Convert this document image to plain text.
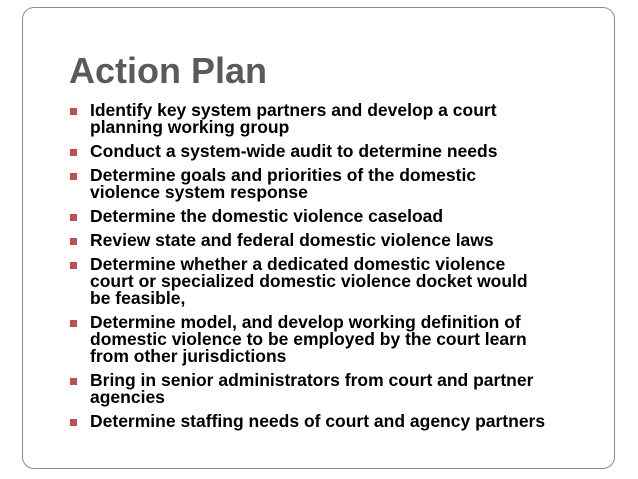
Action Plan
Identify key system partners and develop a court
planning working group
Conduct a system-wide audit to determine needs
Determine goals and priorities of the domestic
violence system response
Determine the domestic violence caseload
Review state and federal domestic violence laws
Determine whether a dedicated domestic violence
court or specialized domestic violence docket would
be feasible,
Determine model, and develop working definition of
domestic violence to be employed by the court learn
from other jurisdictions
Bring in senior administrators from court and partner
agencies
Determine staffing needs of court and agency partners
